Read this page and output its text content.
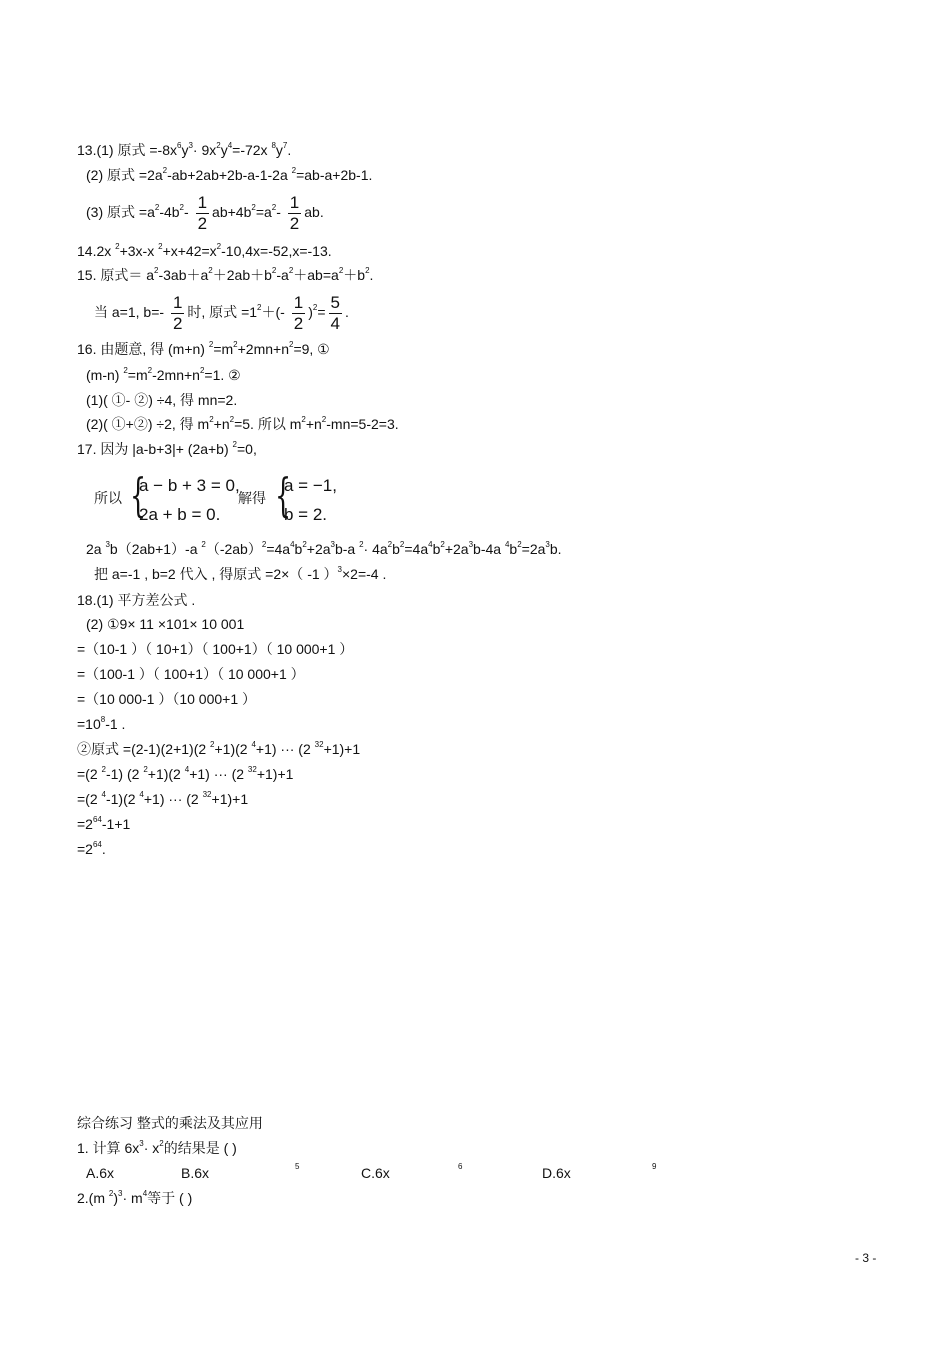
13.(1) 原式 $=-8x^6y^3\cdot 9x^2y^4=-72x$ $^8y^7$.
(2) 原式 $=2a^2-ab+2ab+2b-a-1-2a$ $^2$=ab-a+2b-1.
(3) 原式 $=a^2-4b^2- \frac{1}{2} ab+4b^2=a^2- \frac{1}{2}$ ab.
14.2x $^2$+3x-x $^2+x+42=x^2-10,4x=-52,x=-13$.
15. 原式＝ $a^2-3ab+a^2+2ab+b^2-a^2+ab=a^2+b^2$.
当 a=1, $b=- \frac{1}{2}$ 时, 原式 $=1^2+(- \frac{1}{2} )^2= \frac{5}{4}$ .
16. 由题意, 得 (m+n) $^2=m^2+2mn+n^2=9$, ①
(m-n) $^2=m^2-2mn+n^2=1$. ②
(1)( ①- ②) ÷4, 得 mn=2.
(2)( ①+②) ÷2, 得 $m^2+n^2=5$. 所以 $m^2+n^2-mn=5-2=3$.
17. 因为 |a-b+3|+ (2a+b) $^2$=0,
所以 {
a − b + 3 = 0,
2a + b = 0.
解得 {
a = −1,
b = 2.
2a $^3$b（2ab+1）-a $^2(-2ab)^2=4a^4b^2+2a^3b-a$ $^2\cdot 4a^2b^2=4a^4b^2+2a^3b-4a$ $^4b^2=2a^3b$.
把 a=-1 , b=2 代入 , 得原式 =2×（ -1 ）$^3$×2=-4 .
18.(1) 平方差公式 .
(2) ①9× 11 ×101× 10 001
=（10-1 ）（ 10+1）（ 100+1）（ 10 000+1 ）
=（100-1 ）（ 100+1）（ 10 000+1 ）
=（10 000-1 ）（10 000+1 ）
$=10^8-1$ .
②原式 =(2-1)(2+1)(2 $^2$+1)(2 $^4$+1) ··· (2 $^{32}$+1)+1
=(2 $^2$-1) (2 $^2$+1)(2 $^4$+1) ··· (2 $^{32}$+1)+1
=(2 $^4$-1)(2 $^4$+1) ··· (2 $^{32}$+1)+1
$=2^{64}-1+1$
$=2^{64}$.
综合练习 整式的乘法及其应用
1. 计算 $6x^3\cdot x^2$的结果是 ( )
A.6x	B.6x	5	C.6x	6	D.6x	9
2.(m $^2)^3\cdot m^4$等于 ( )
- 3 -
